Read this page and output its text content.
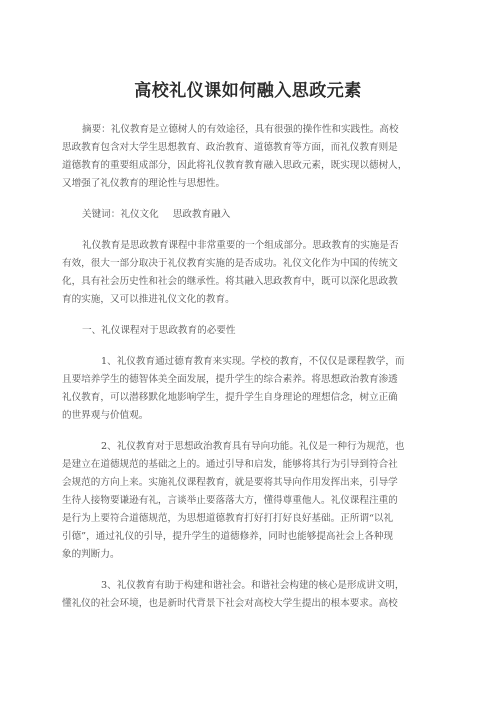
高校礼仪课如何融入思政元素
摘要：礼仪教育是立德树人的有效途径，具有很强的操作性和实践性。高校
思政教育包含对大学生思想教育、政治教育、道德教育等方面，而礼仪教育则是
道德教育的重要组成部分，因此将礼仪教育教育融入思政元素，既实现以德树人，
又增强了礼仪教育的理论性与思想性。
关键词：礼仪文化 思政教育融入
礼仪教育是思政教育课程中非常重要的一个组成部分。思政教育的实施是否
有效，很大一部分取决于礼仪教育实施的是否成功。礼仪文化作为中国的传统文
化，具有社会历史性和社会的继承性。将其融入思政教育中，既可以深化思政教
育的实施，又可以推进礼仪文化的教育。
一、礼仪课程对于思政教育的必要性
1、礼仪教育通过德育教育来实现。学校的教育，不仅仅是课程教学，而
且要培养学生的德智体美全面发展，提升学生的综合素养。将思想政治教育渗透
礼仪教育，可以潜移默化地影响学生，提升学生自身理论的理想信念，树立正确
的世界观与价值观。
2、礼仪教育对于思想政治教育具有导向功能。礼仪是一种行为规范，也
是建立在道德规范的基础之上的。通过引导和启发，能够将其行为引导到符合社
会规范的方向上来。实施礼仪课程教育，就是要将其导向作用发挥出来，引导学
生待人接物要谦逊有礼，言谈举止要落落大方，懂得尊重他人。礼仪课程注重的
是行为上要符合道德规范，为思想道德教育打好打打好良好基础。正所谓“以礼
引德”，通过礼仪的引导，提升学生的道德修养，同时也能够提高社会上各种现
象的判断力。
3、礼仪教育有助于构建和谐社会。和谐社会构建的核心是形成讲文明，
懂礼仪的社会环境，也是新时代背景下社会对高校大学生提出的根本要求。高校
